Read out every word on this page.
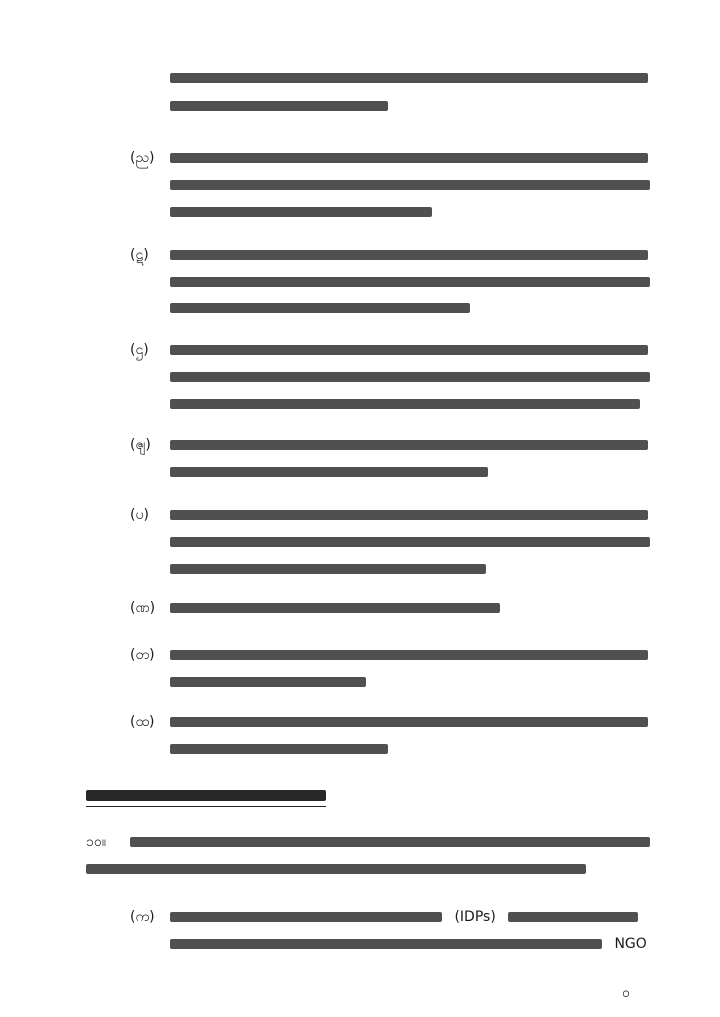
(ည)
(ဋ)
(ဌ)
(ၛ)
(ပ)
(ဏ)
(တ)
(ထ)
၁၀။
(က)	(IDPs)
NGO
၀
